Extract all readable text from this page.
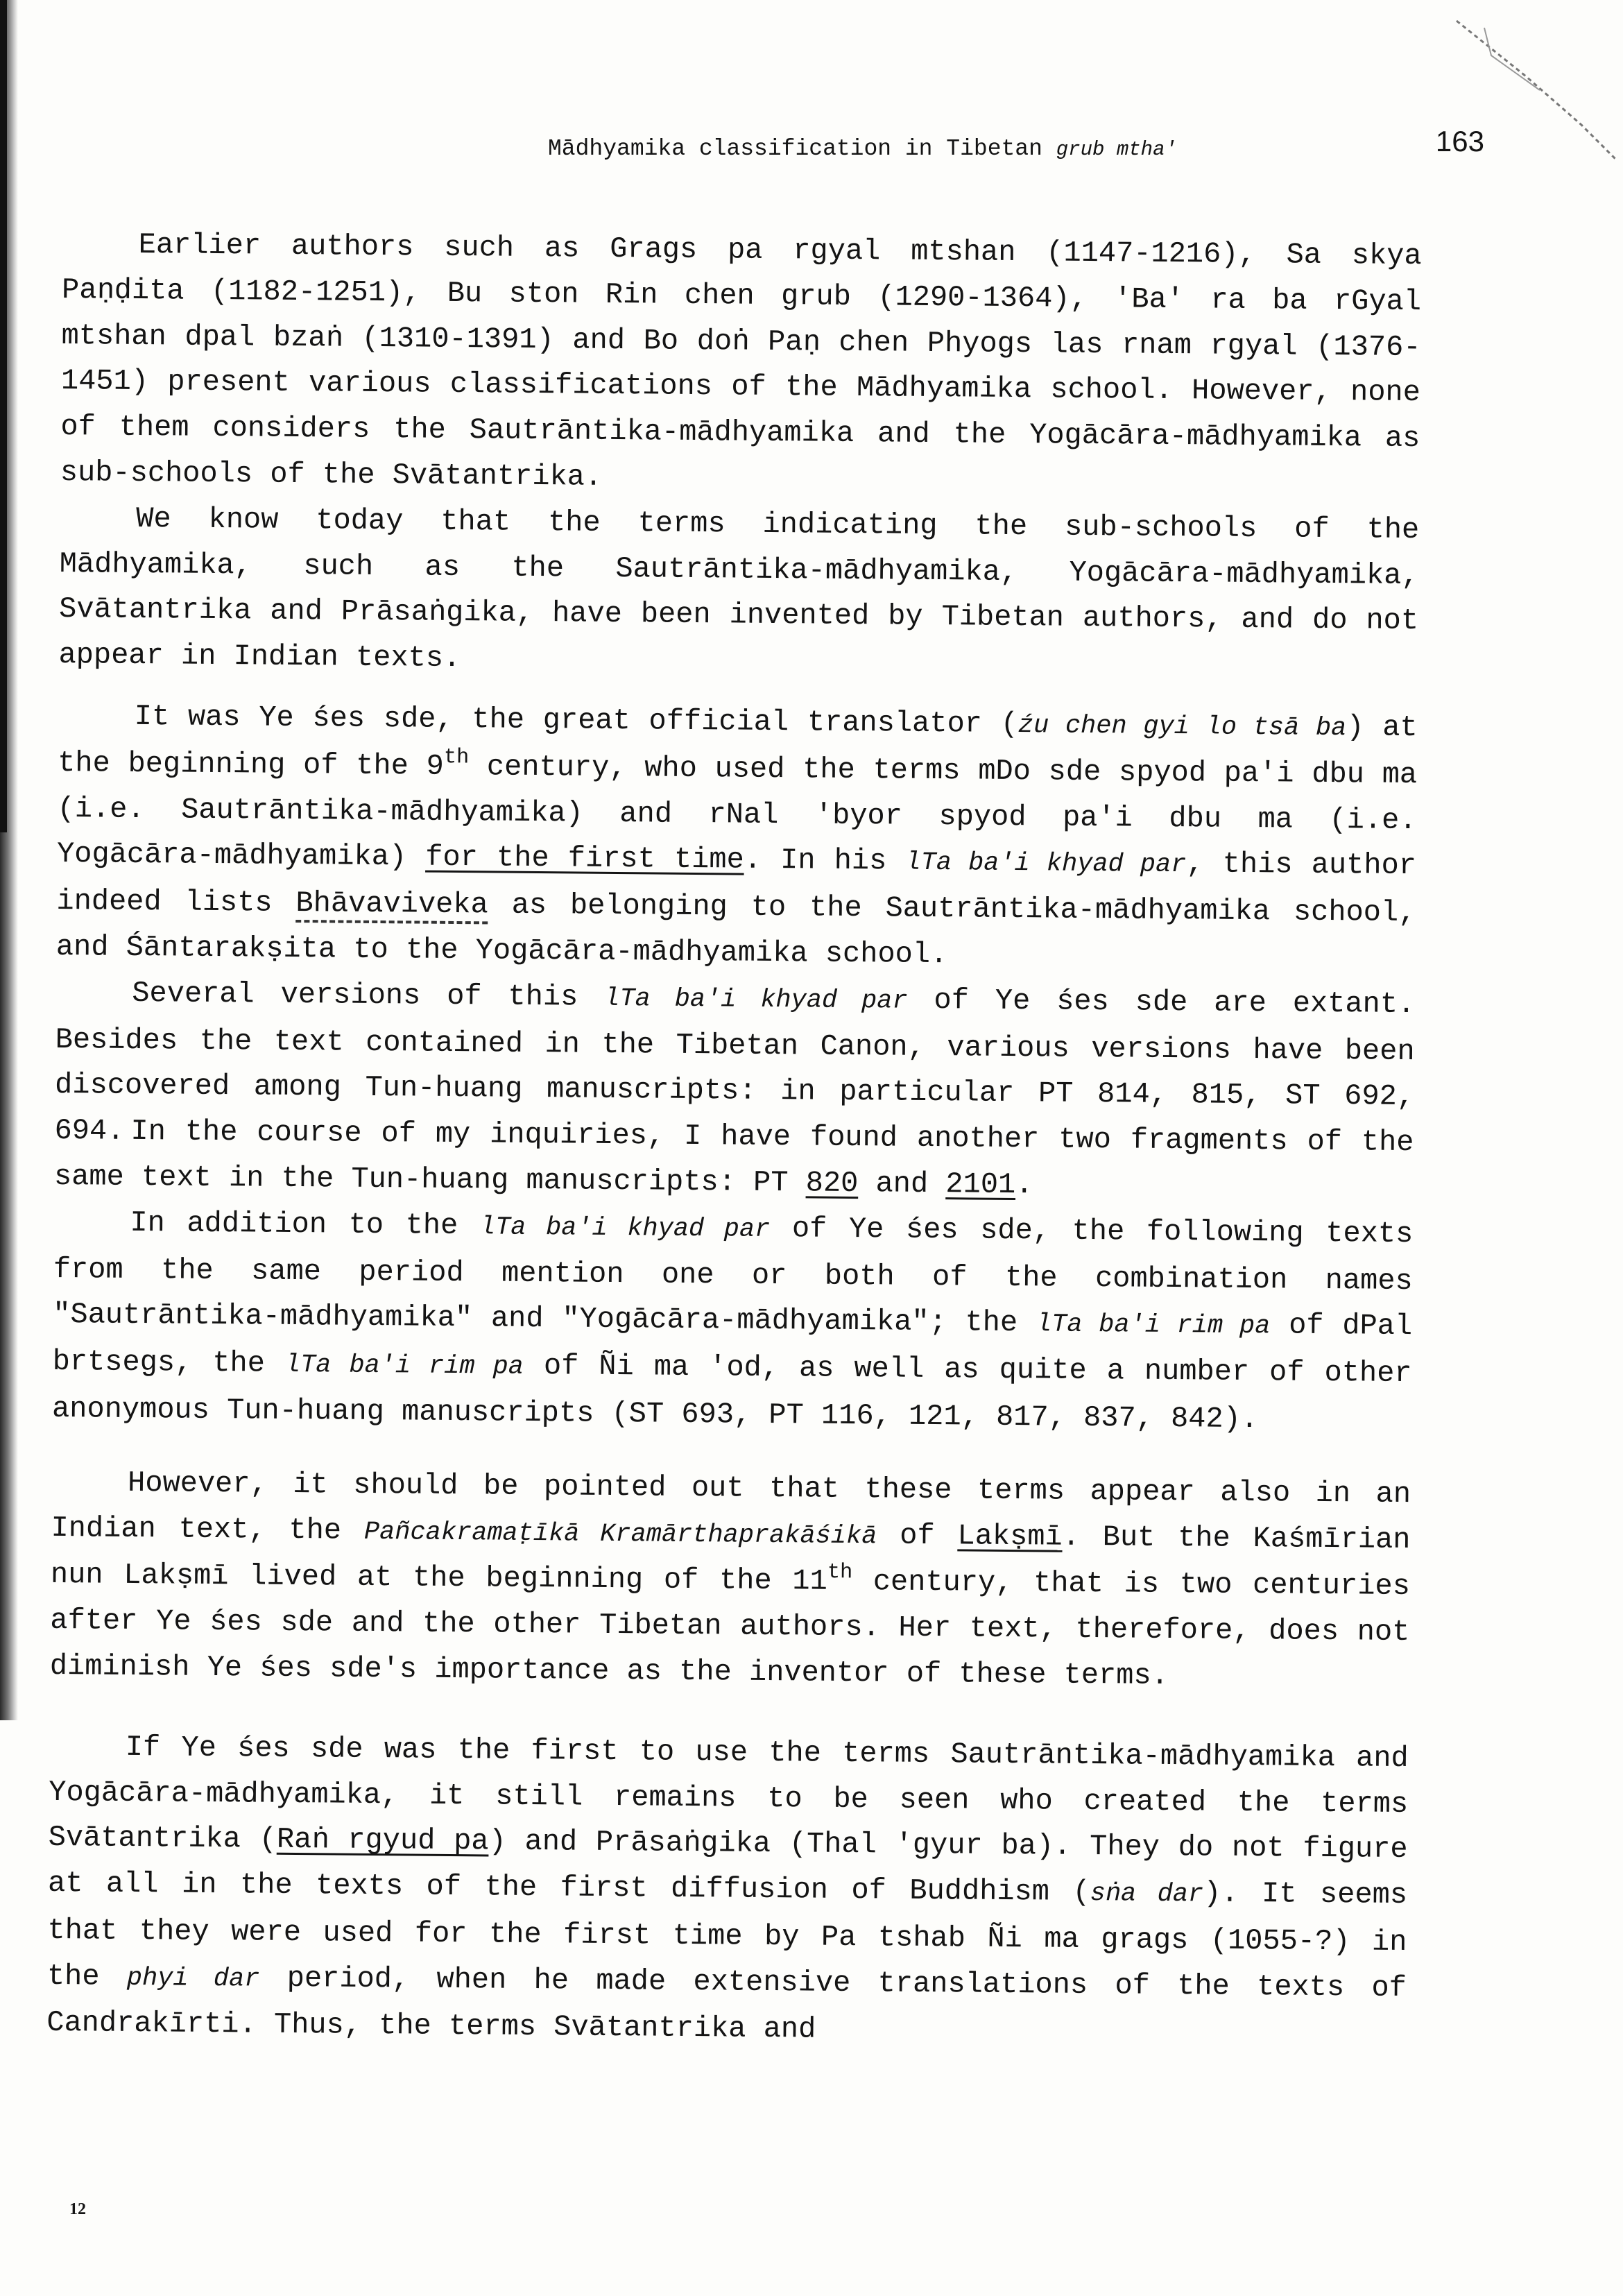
Mādhyamika classification in Tibetan grub mtha'	163

Earlier authors such as Grags pa rgyal mtshan (1147-1216), Sa skya Paṇḍita (1182-1251), Bu ston Rin chen grub (1290-1364), 'Ba' ra ba rGyal mtshan dpal bzaṅ (1310-1391) and Bo doṅ Paṇ chen Phyogs las rnam rgyal (1376-1451) present various classifications of the Mādhyamika school. However, none of them considers the Sautrāntika-mādhyamika and the Yogācāra-mādhyamika as sub-schools of the Svātantrika.

We know today that the terms indicating the sub-schools of the Mādhyamika, such as the Sautrāntika-mādhyamika, Yogācāra-mādhyamika, Svātantrika and Prāsaṅgika, have been invented by Tibetan authors, and do not appear in Indian texts.

It was Ye śes sde, the great official translator (źu chen gyi lo tsā ba) at the beginning of the 9th century, who used the terms mDo sde spyod pa'i dbu ma (i.e. Sautrāntika-mādhyamika) and rNal 'byor spyod pa'i dbu ma (i.e. Yogācāra-mādhyamika) for the first time. In his lTa ba'i khyad par, this author indeed lists Bhāvaviveka as belonging to the Sautrāntika-mādhyamika school, and Śāntarakṣita to the Yogācāra-mādhyamika school.

Several versions of this lTa ba'i khyad par of Ye śes sde are extant. Besides the text contained in the Tibetan Canon, various versions have been discovered among Tun-huang manuscripts: in particular PT 814, 815, ST 692, 694.  In the course of my inquiries, I have found another two fragments of the same text in the Tun-huang manuscripts: PT 820 and 2101.

In addition to the lTa ba'i khyad par of Ye śes sde, the following texts from the same period mention one or both of the combination names "Sautrāntika-mādhyamika" and "Yogācāra-mādhyamika"; the lTa ba'i rim pa of dPal brtsegs, the lTa ba'i rim pa of Ñi ma 'od, as well as quite a number of other anonymous Tun-huang manuscripts (ST 693, PT 116, 121, 817, 837, 842).

However, it should be pointed out that these terms appear also in an Indian text, the Pañcakramaṭīkā Kramārthaprakāśikā of Lakṣmī. But the Kaśmīrian nun Lakṣmī lived at the beginning of the 11th century, that is two centuries after Ye śes sde and the other Tibetan authors. Her text, therefore, does not diminish Ye śes sde's importance as the inventor of these terms.

If Ye śes sde was the first to use the terms Sautrāntika-mādhyamika and Yogācāra-mādhyamika, it still remains to be seen who created the terms Svātantrika (Raṅ rgyud pa) and Prāsaṅgika (Thal 'gyur ba). They do not figure at all in the texts of the first diffusion of Buddhism (sṅa dar). It seems that they were used for the first time by Pa tshab Ñi ma grags (1055-?) in the phyi dar period, when he made extensive translations of the texts of Candrakīrti. Thus, the terms Svātantrika and

12
